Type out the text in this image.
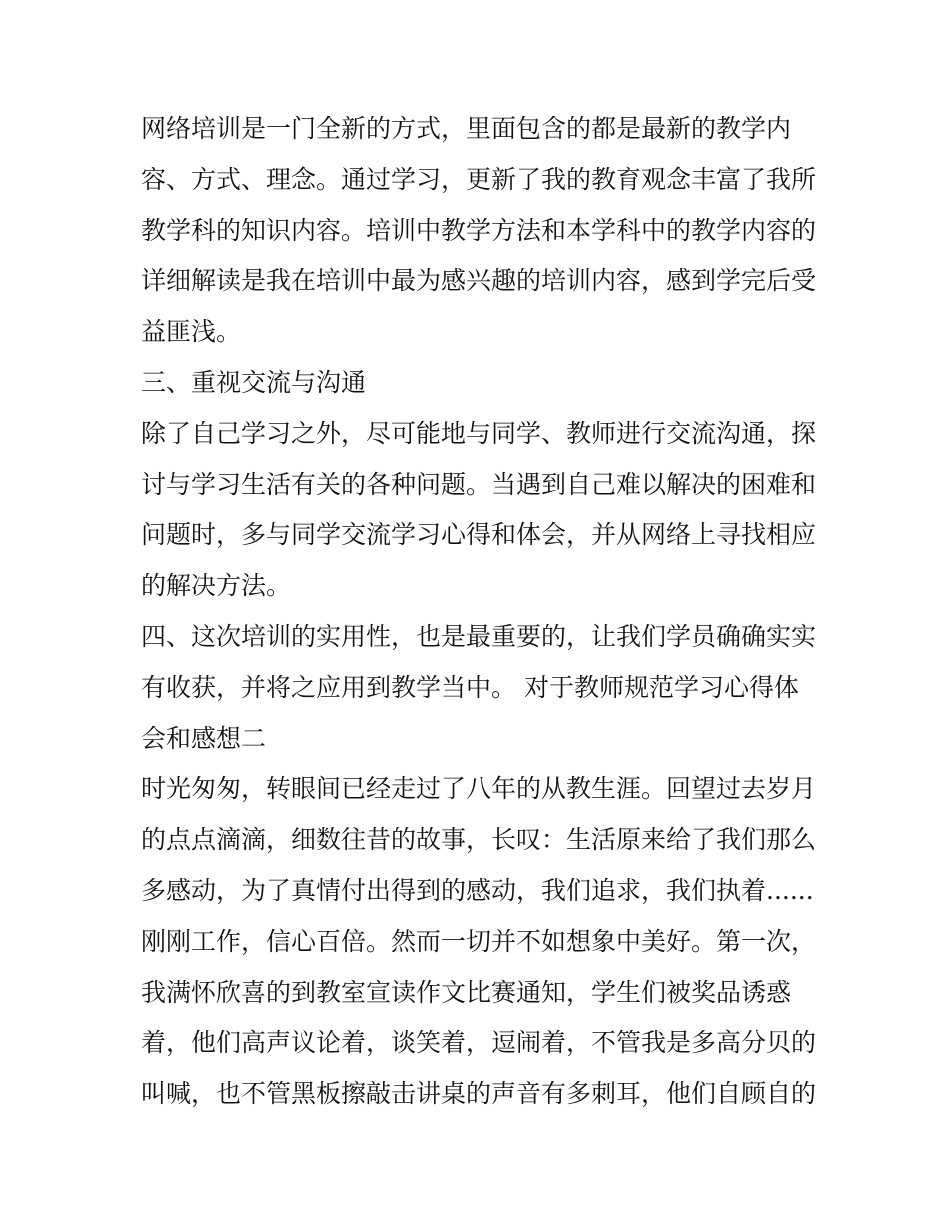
网络培训是一门全新的方式，里面包含的都是最新的教学内
容、方式、理念。通过学习，更新了我的教育观念丰富了我所
教学科的知识内容。培训中教学方法和本学科中的教学内容的
详细解读是我在培训中最为感兴趣的培训内容，感到学完后受
益匪浅。
三、重视交流与沟通
除了自己学习之外，尽可能地与同学、教师进行交流沟通，探
讨与学习生活有关的各种问题。当遇到自己难以解决的困难和
问题时，多与同学交流学习心得和体会，并从网络上寻找相应
的解决方法。
四、这次培训的实用性，也是最重要的，让我们学员确确实实
有收获，并将之应用到教学当中。 对于教师规范学习心得体
会和感想二
时光匆匆，转眼间已经走过了八年的从教生涯。回望过去岁月
的点点滴滴，细数往昔的故事，长叹：生活原来给了我们那么
多感动，为了真情付出得到的感动，我们追求，我们执着......
刚刚工作，信心百倍。然而一切并不如想象中美好。第一次，
我满怀欣喜的到教室宣读作文比赛通知，学生们被奖品诱惑
着，他们高声议论着，谈笑着，逗闹着，不管我是多高分贝的
叫喊，也不管黑板擦敲击讲桌的声音有多刺耳，他们自顾自的
